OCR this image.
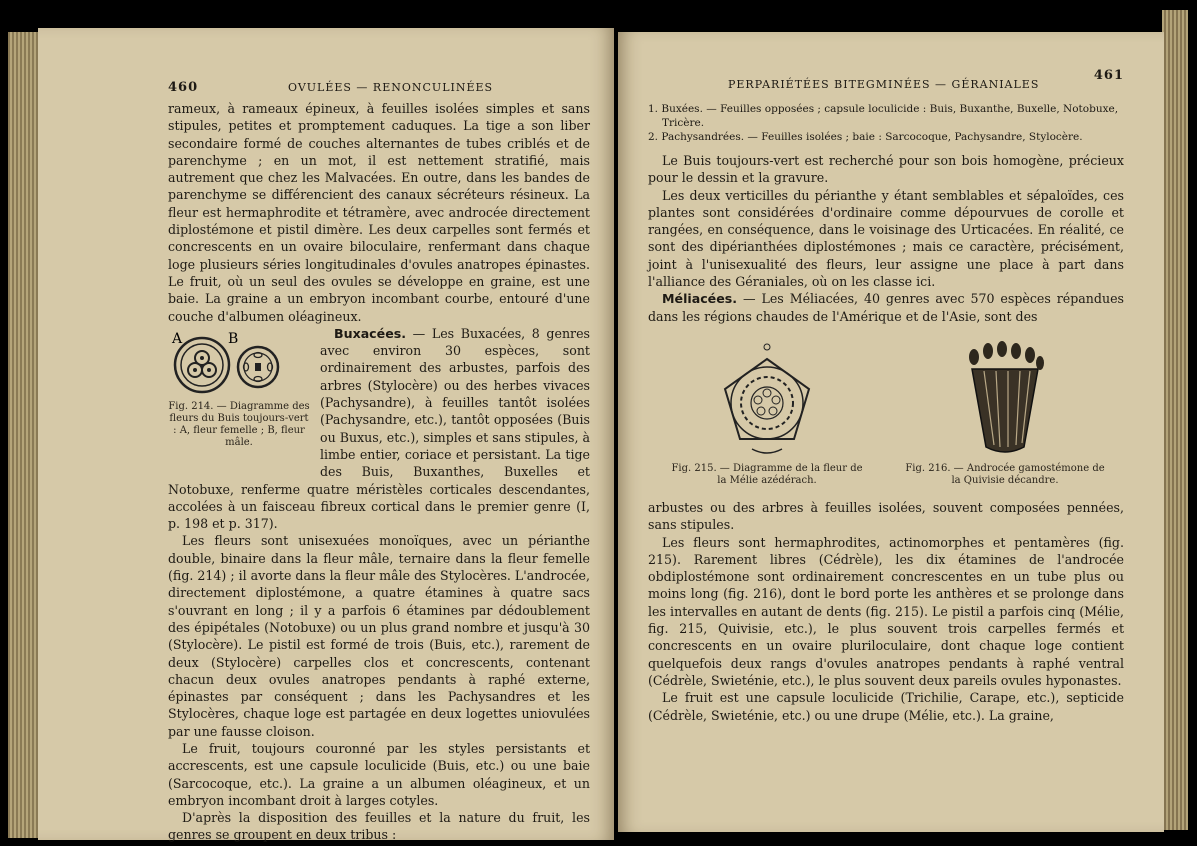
460	OVULÉES — RENONCULINÉES

rameux, à rameaux épineux, à feuilles isolées simples et sans stipules, petites et promptement caduques. La tige a son liber secondaire formé de couches alternantes de tubes criblés et de parenchyme ; en un mot, il est nettement stratifié, mais autrement que chez les Malvacées. En outre, dans les bandes de parenchyme se différencient des canaux sécréteurs résineux. La fleur est hermaphrodite et tétramère, avec androcée directement diplostémone et pistil dimère. Les deux carpelles sont fermés et concrescents en un ovaire biloculaire, renfermant dans chaque loge plusieurs séries longitudinales d'ovules anatropes épinastes. Le fruit, où un seul des ovules se développe en graine, est une baie. La graine a un embryon incombant courbe, entouré d'une couche d'albumen oléagineux.

A	B
Fig. 214. — Diagramme des fleurs du Buis toujours-vert : A, fleur femelle ; B, fleur mâle.

Buxacées. — Les Buxacées, 8 genres avec environ 30 espèces, sont ordinairement des arbustes, parfois des arbres (Stylocère) ou des herbes vivaces (Pachysandre), à feuilles tantôt isolées (Pachysandre, etc.), tantôt opposées (Buis ou Buxus, etc.), simples et sans stipules, à limbe entier, coriace et persistant. La tige des Buis, Buxanthes, Buxelles et Notobuxe, renferme quatre méristèles corticales descendantes, accolées à un faisceau fibreux cortical dans le premier genre (I, p. 198 et p. 317).

Les fleurs sont unisexuées monoïques, avec un périanthe double, binaire dans la fleur mâle, ternaire dans la fleur femelle (fig. 214) ; il avorte dans la fleur mâle des Stylocères. L'androcée, directement diplostémone, a quatre étamines à quatre sacs s'ouvrant en long ; il y a parfois 6 étamines par dédoublement des épipétales (Notobuxe) ou un plus grand nombre et jusqu'à 30 (Stylocère). Le pistil est formé de trois (Buis, etc.), rarement de deux (Stylocère) carpelles clos et concrescents, contenant chacun deux ovules anatropes pendants à raphé externe, épinastes par conséquent ; dans les Pachysandres et les Stylocères, chaque loge est partagée en deux logettes uniovulées par une fausse cloison.

Le fruit, toujours couronné par les styles persistants et accrescents, est une capsule loculicide (Buis, etc.) ou une baie (Sarcocoque, etc.). La graine a un albumen oléagineux, et un embryon incombant droit à larges cotyles.

D'après la disposition des feuilles et la nature du fruit, les genres se groupent en deux tribus :

PERPARIÉTÉES BITEGMINÉES — GÉRANIALES
461
1. Buxées. — Feuilles opposées ; capsule loculicide : Buis, Buxanthe, Buxelle, Notobuxe, Tricère.
2. Pachysandrées. — Feuilles isolées ; baie : Sarcocoque, Pachysandre, Stylocère.

Le Buis toujours-vert est recherché pour son bois homogène, précieux pour le dessin et la gravure.

Les deux verticilles du périanthe y étant semblables et sépaloïdes, ces plantes sont considérées d'ordinaire comme dépourvues de corolle et rangées, en conséquence, dans le voisinage des Urticacées. En réalité, ce sont des dipérianthées diplostémones ; mais ce caractère, précisément, joint à l'unisexualité des fleurs, leur assigne une place à part dans l'alliance des Géraniales, où on les classe ici.

Méliacées. — Les Méliacées, 40 genres avec 570 espèces répandues dans les régions chaudes de l'Amérique et de l'Asie, sont des

Fig. 215. — Diagramme de la fleur de la Mélie azédérach.
Fig. 216. — Androcée gamostémone de la Quivisie décandre.

arbustes ou des arbres à feuilles isolées, souvent composées pennées, sans stipules.

Les fleurs sont hermaphrodites, actinomorphes et pentamères (fig. 215). Rarement libres (Cédrèle), les dix étamines de l'androcée obdiplostémone sont ordinairement concrescentes en un tube plus ou moins long (fig. 216), dont le bord porte les anthères et se prolonge dans les intervalles en autant de dents (fig. 215). Le pistil a parfois cinq (Mélie, fig. 215, Quivisie, etc.), le plus souvent trois carpelles fermés et concrescents en un ovaire pluriloculaire, dont chaque loge contient quelquefois deux rangs d'ovules anatropes pendants à raphé ventral (Cédrèle, Swieténie, etc.), le plus souvent deux pareils ovules hyponastes.

Le fruit est une capsule loculicide (Trichilie, Carape, etc.), septicide (Cédrèle, Swieténie, etc.) ou une drupe (Mélie, etc.). La graine,
